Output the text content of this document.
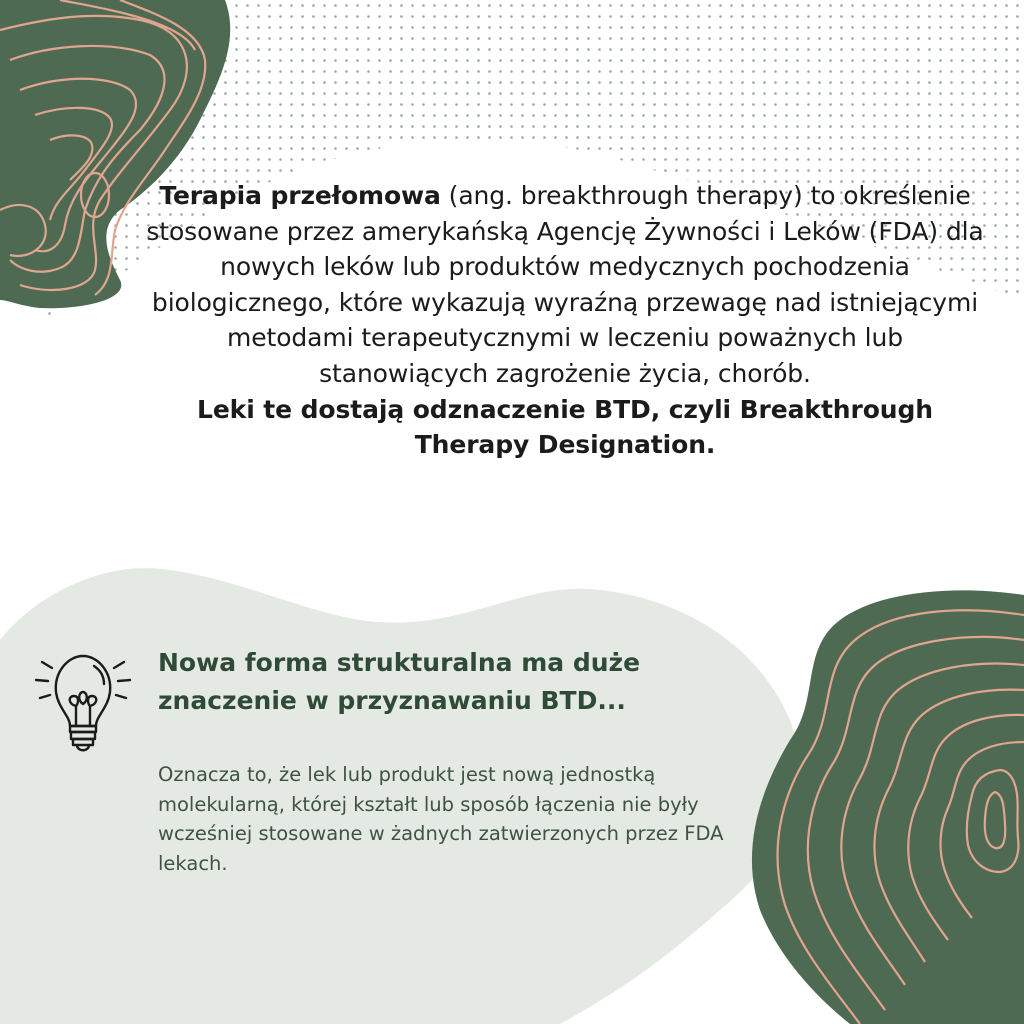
Terapia przełomowa (ang. breakthrough therapy) to określenie stosowane przez amerykańską Agencję Żywności i Leków (FDA) dla nowych leków lub produktów medycznych pochodzenia biologicznego, które wykazują wyraźną przewagę nad istniejącymi metodami terapeutycznymi w leczeniu poważnych lub stanowiących zagrożenie życia, chorób.
Leki te dostają odznaczenie BTD, czyli Breakthrough Therapy Designation.
Nowa forma strukturalna ma duże znaczenie w przyznawaniu BTD...
Oznacza to, że lek lub produkt jest nową jednostką molekularną, której kształt lub sposób łączenia nie były wcześniej stosowane w żadnych zatwierzonych przez FDA lekach.
